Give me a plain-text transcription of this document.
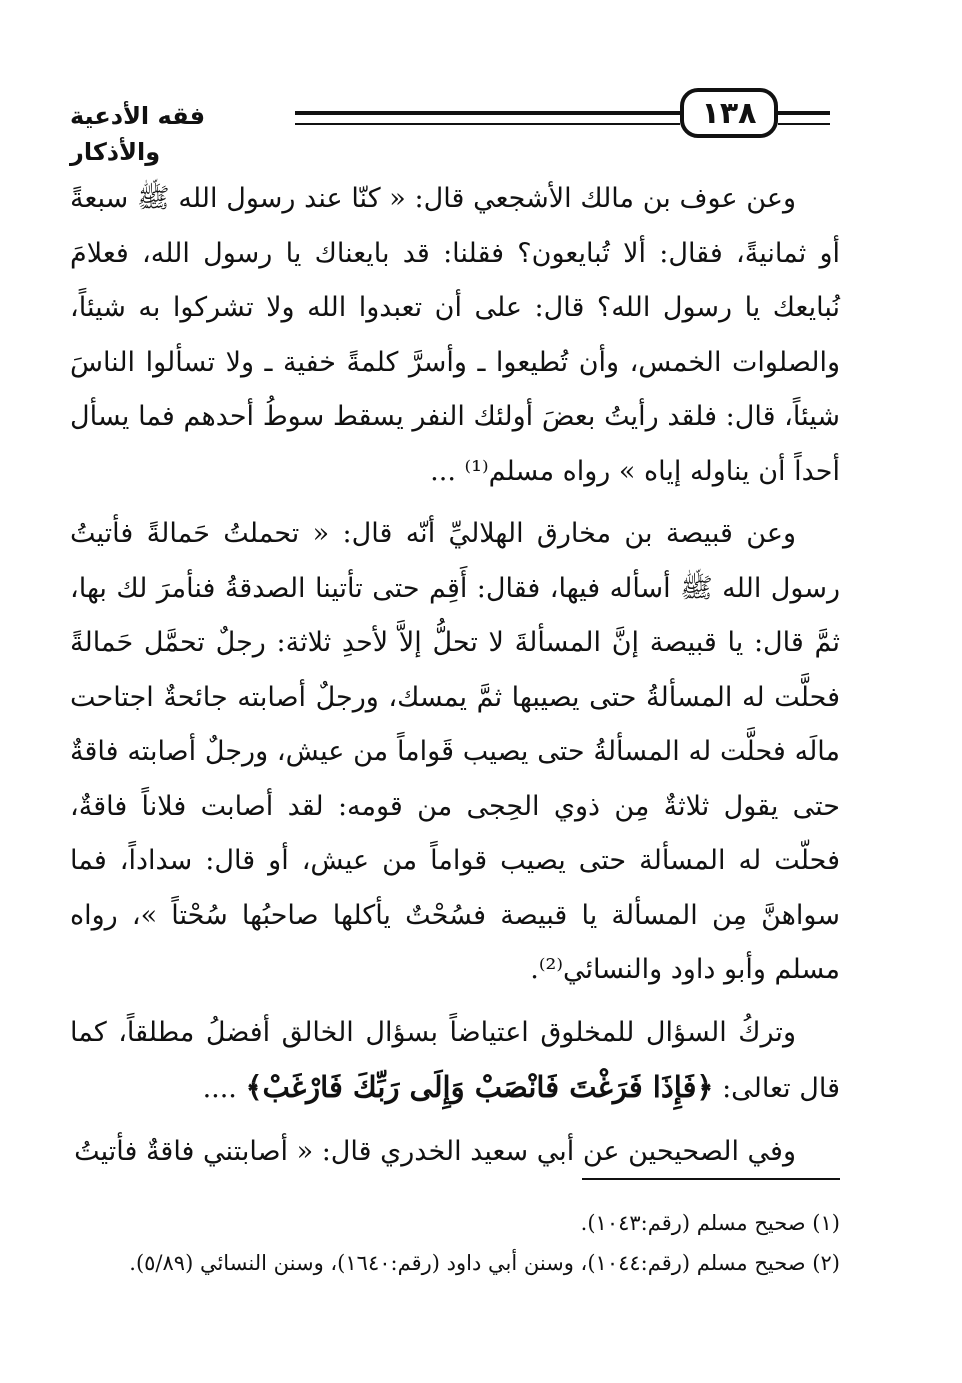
١٣٨
فقه الأدعية والأذكار

وعن عوف بن مالك الأشجعي قال: « كنّا عند رسول الله ﷺ سبعةً أو ثمانيةً، فقال: ألا تُبايعون؟ فقلنا: قد بايعناك يا رسول الله، فعلامَ نُبايعك يا رسول الله؟ قال: على أن تعبدوا الله ولا تشركوا به شيئاً، والصلوات الخمس، وأن تُطيعوا ـ وأسرَّ كلمةً خفية ـ ولا تسألوا الناسَ شيئاً، قال: فلقد رأيتُ بعضَ أولئك النفر يسقط سوطُ أحدهم فما يسأل أحداً أن يناوله إياه » رواه مسلم⁽¹⁾ ...

وعن قبيصة بن مخارق الهلاليِّ أنّه قال: « تحملتُ حَمالةً فأتيتُ رسول الله ﷺ أسأله فيها، فقال: أَقِم حتى تأتينا الصدقةُ فنأمرَ لك بها، ثمَّ قال: يا قبيصة إنَّ المسألةَ لا تحلُّ إلاَّ لأحدِ ثلاثة: رجلٌ تحمَّل حَمالةً فحلَّت له المسألةُ حتى يصيبها ثمَّ يمسك، ورجلٌ أصابته جائحةٌ اجتاحت مالَه فحلَّت له المسألةُ حتى يصيب قَواماً من عيش، ورجلٌ أصابته فاقةٌ حتى يقول ثلاثةٌ مِن ذوي الحِجى من قومه: لقد أصابت فلاناً فاقةٌ، فحلّت له المسألة حتى يصيب قواماً من عيش، أو قال: سداداً، فما سواهنَّ مِن المسألة يا قبيصة فسُحْتٌ يأكلها صاحبُها سُحْتاً »، رواه مسلم وأبو داود والنسائي⁽²⁾.

وتركُ السؤال للمخلوق اعتياضاً بسؤال الخالق أفضلُ مطلقاً، كما قال تعالى: ﴿فَإِذَا فَرَغْتَ فَانْصَبْ وَإِلَى رَبِّكَ فَارْغَبْ﴾ ....

وفي الصحيحين عن أبي سعيد الخدري قال: « أصابتني فاقةٌ فأتيتُ

(١) صحيح مسلم (رقم:١٠٤٣).
(٢) صحيح مسلم (رقم:١٠٤٤)، وسنن أبي داود (رقم:١٦٤٠)، وسنن النسائي (٥/٨٩).
